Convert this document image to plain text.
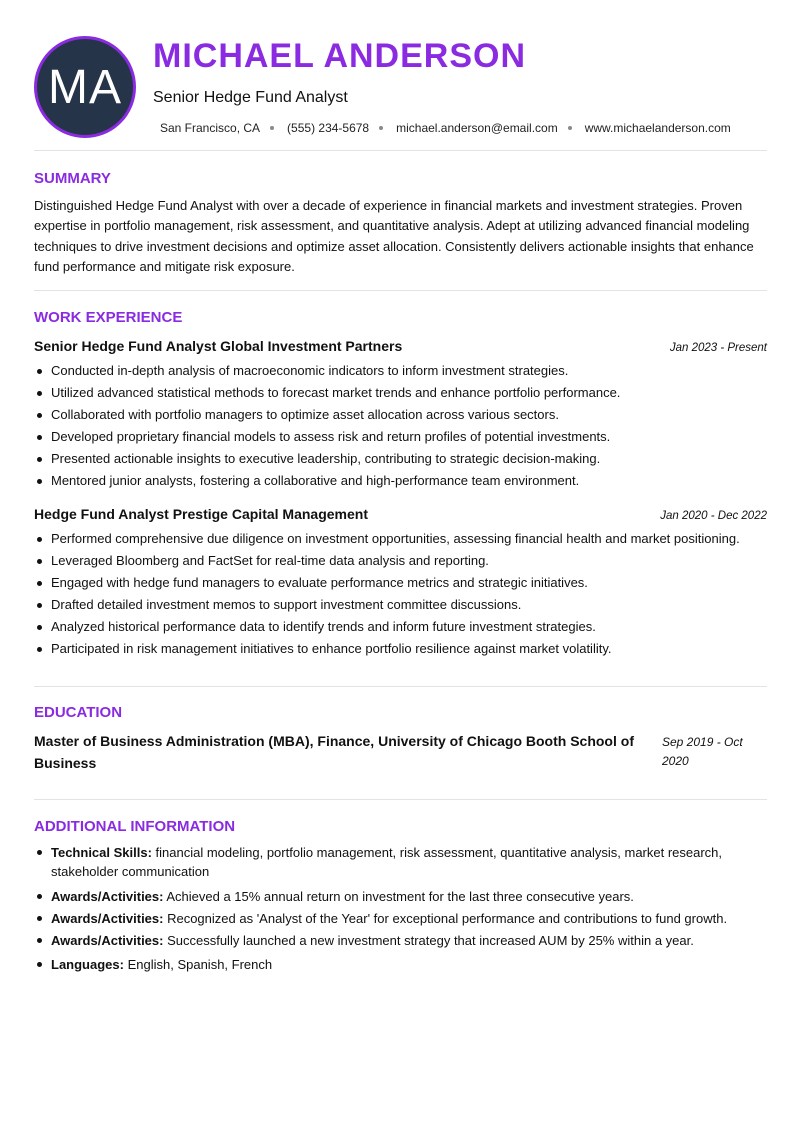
MA
MICHAEL ANDERSON
Senior Hedge Fund Analyst
San Francisco, CA (555) 234-5678 michael.anderson@email.com www.michaelanderson.com
SUMMARY
Distinguished Hedge Fund Analyst with over a decade of experience in financial markets and investment strategies. Proven expertise in portfolio management, risk assessment, and quantitative analysis. Adept at utilizing advanced financial modeling techniques to drive investment decisions and optimize asset allocation. Consistently delivers actionable insights that enhance fund performance and mitigate risk exposure.
WORK EXPERIENCE
Senior Hedge Fund Analyst Global Investment Partners	Jan 2023 - Present
Conducted in-depth analysis of macroeconomic indicators to inform investment strategies.
Utilized advanced statistical methods to forecast market trends and enhance portfolio performance.
Collaborated with portfolio managers to optimize asset allocation across various sectors.
Developed proprietary financial models to assess risk and return profiles of potential investments.
Presented actionable insights to executive leadership, contributing to strategic decision-making.
Mentored junior analysts, fostering a collaborative and high-performance team environment.
Hedge Fund Analyst Prestige Capital Management	Jan 2020 - Dec 2022
Performed comprehensive due diligence on investment opportunities, assessing financial health and market positioning.
Leveraged Bloomberg and FactSet for real-time data analysis and reporting.
Engaged with hedge fund managers to evaluate performance metrics and strategic initiatives.
Drafted detailed investment memos to support investment committee discussions.
Analyzed historical performance data to identify trends and inform future investment strategies.
Participated in risk management initiatives to enhance portfolio resilience against market volatility.
EDUCATION
Master of Business Administration (MBA), Finance, University of Chicago Booth School of Business
Sep 2019 - Oct 2020
ADDITIONAL INFORMATION
Technical Skills: financial modeling, portfolio management, risk assessment, quantitative analysis, market research, stakeholder communication
Awards/Activities: Achieved a 15% annual return on investment for the last three consecutive years.
Awards/Activities: Recognized as 'Analyst of the Year' for exceptional performance and contributions to fund growth.
Awards/Activities: Successfully launched a new investment strategy that increased AUM by 25% within a year.
Languages: English, Spanish, French
